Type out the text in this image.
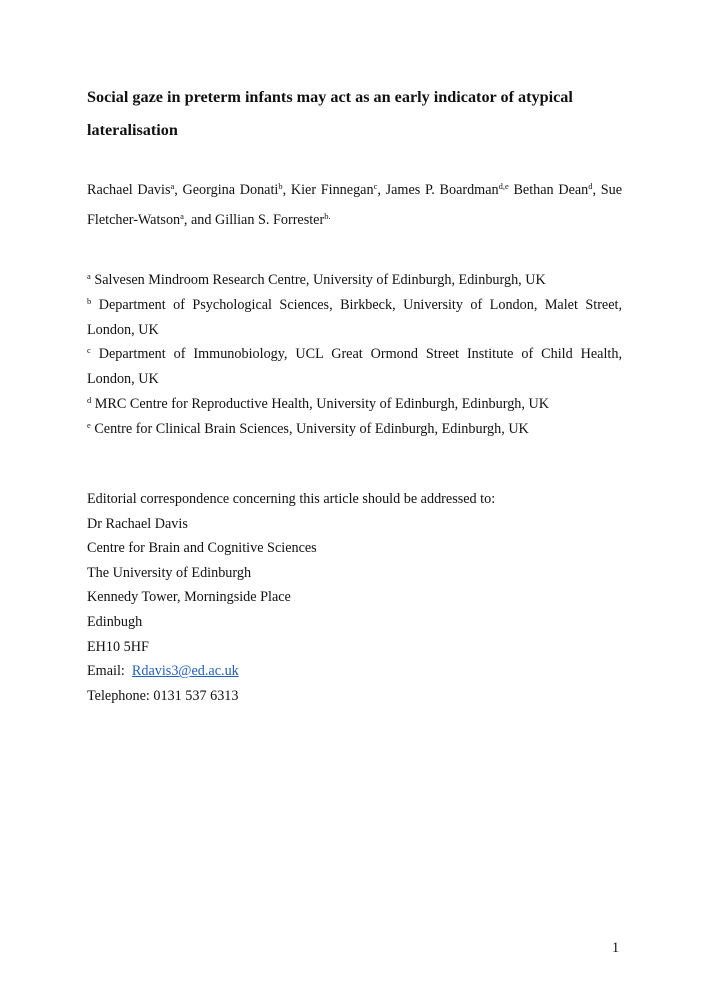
Social gaze in preterm infants may act as an early indicator of atypical lateralisation

Rachael Davis$^a$, Georgina Donati$^b$, Kier Finnegan$^c$, James P. Boardman$^{d,e}$ Bethan Dean$^d$, Sue Fletcher-Watson$^a$, and Gillian S. Forrester$^{b.}$

$^a$ Salvesen Mindroom Research Centre, University of Edinburgh, Edinburgh, UK

$^b$ Department of Psychological Sciences, Birkbeck, University of London, Malet Street, London, UK

$^c$ Department of Immunobiology, UCL Great Ormond Street Institute of Child Health, London, UK

$^d$ MRC Centre for Reproductive Health, University of Edinburgh, Edinburgh, UK

$^e$ Centre for Clinical Brain Sciences, University of Edinburgh, Edinburgh, UK

Editorial correspondence concerning this article should be addressed to:
Dr Rachael Davis
Centre for Brain and Cognitive Sciences
The University of Edinburgh
Kennedy Tower, Morningside Place
Edinbugh
EH10 5HF
Email: Rdavis3@ed.ac.uk
Telephone: 0131 537 6313
1
